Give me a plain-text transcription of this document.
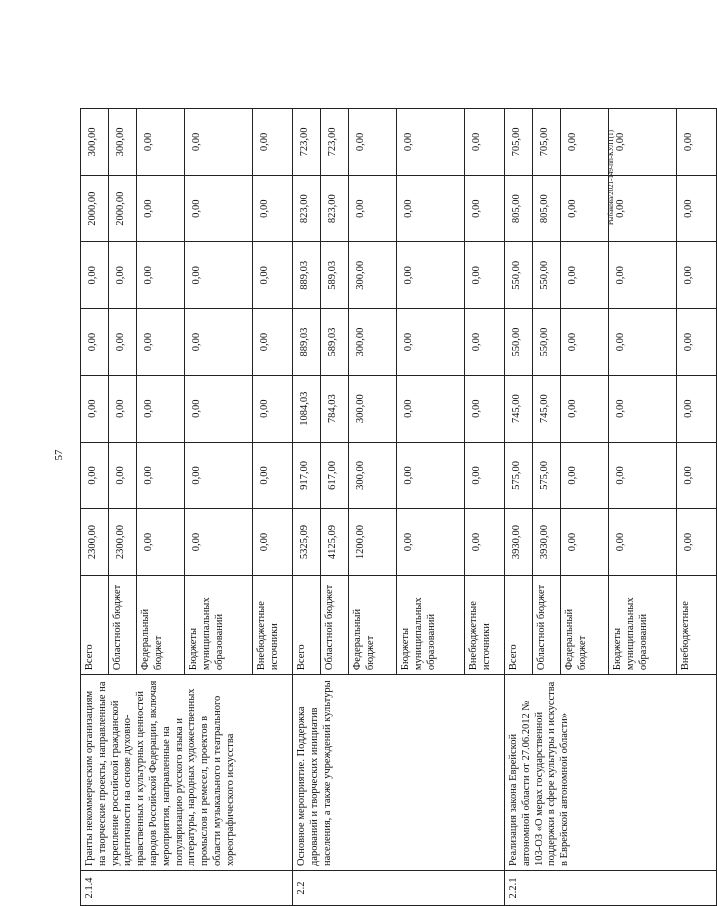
57
Рыбакова/2021-149-пп-КУЛТ(1)
2.1.4	Гранты некоммерческим организациям на творческие проекты, направленные на укрепление российской гражданской идентичности на основе духовно-нравственных и культурных ценностей народов Российской Федерации, включая мероприятия, направленные на популяризацию русского языка и литературы, народных художественных промыслов и ремесел, проектов в области музыкального и театрального хореографического искусства	Всего	2300,00	0,00	0,00	0,00	0,00	2000,00	300,00
		Областной бюджет	2300,00	0,00	0,00	0,00	0,00	2000,00	300,00
		Федеральный бюджет	0,00	0,00	0,00	0,00	0,00	0,00	0,00
		Бюджеты муниципальных образований	0,00	0,00	0,00	0,00	0,00	0,00	0,00
		Внебюджетные источники	0,00	0,00	0,00	0,00	0,00	0,00	0,00
2.2	Основное мероприятие. Поддержка дарований и творческих инициатив населения, а также учреждений культуры	Всего	5325,09	917,00	1084,03	889,03	889,03	823,00	723,00
		Областной бюджет	4125,09	617,00	784,03	589,03	589,03	823,00	723,00
		Федеральный бюджет	1200,00	300,00	300,00	300,00	300,00	0,00	0,00
		Бюджеты муниципальных образований	0,00	0,00	0,00	0,00	0,00	0,00	0,00
		Внебюджетные источники	0,00	0,00	0,00	0,00	0,00	0,00	0,00
2.2.1	Реализация закона Еврейской автономной области от 27.06.2012 № 103-ОЗ «О мерах государственной поддержки в сфере культуры и искусства в Еврейской автономной области»	Всего	3930,00	575,00	745,00	550,00	550,00	805,00	705,00
		Областной бюджет	3930,00	575,00	745,00	550,00	550,00	805,00	705,00
		Федеральный бюджет	0,00	0,00	0,00	0,00	0,00	0,00	0,00
		Бюджеты муниципальных образований	0,00	0,00	0,00	0,00	0,00	0,00	0,00
		Внебюджетные	0,00	0,00	0,00	0,00	0,00	0,00	0,00
